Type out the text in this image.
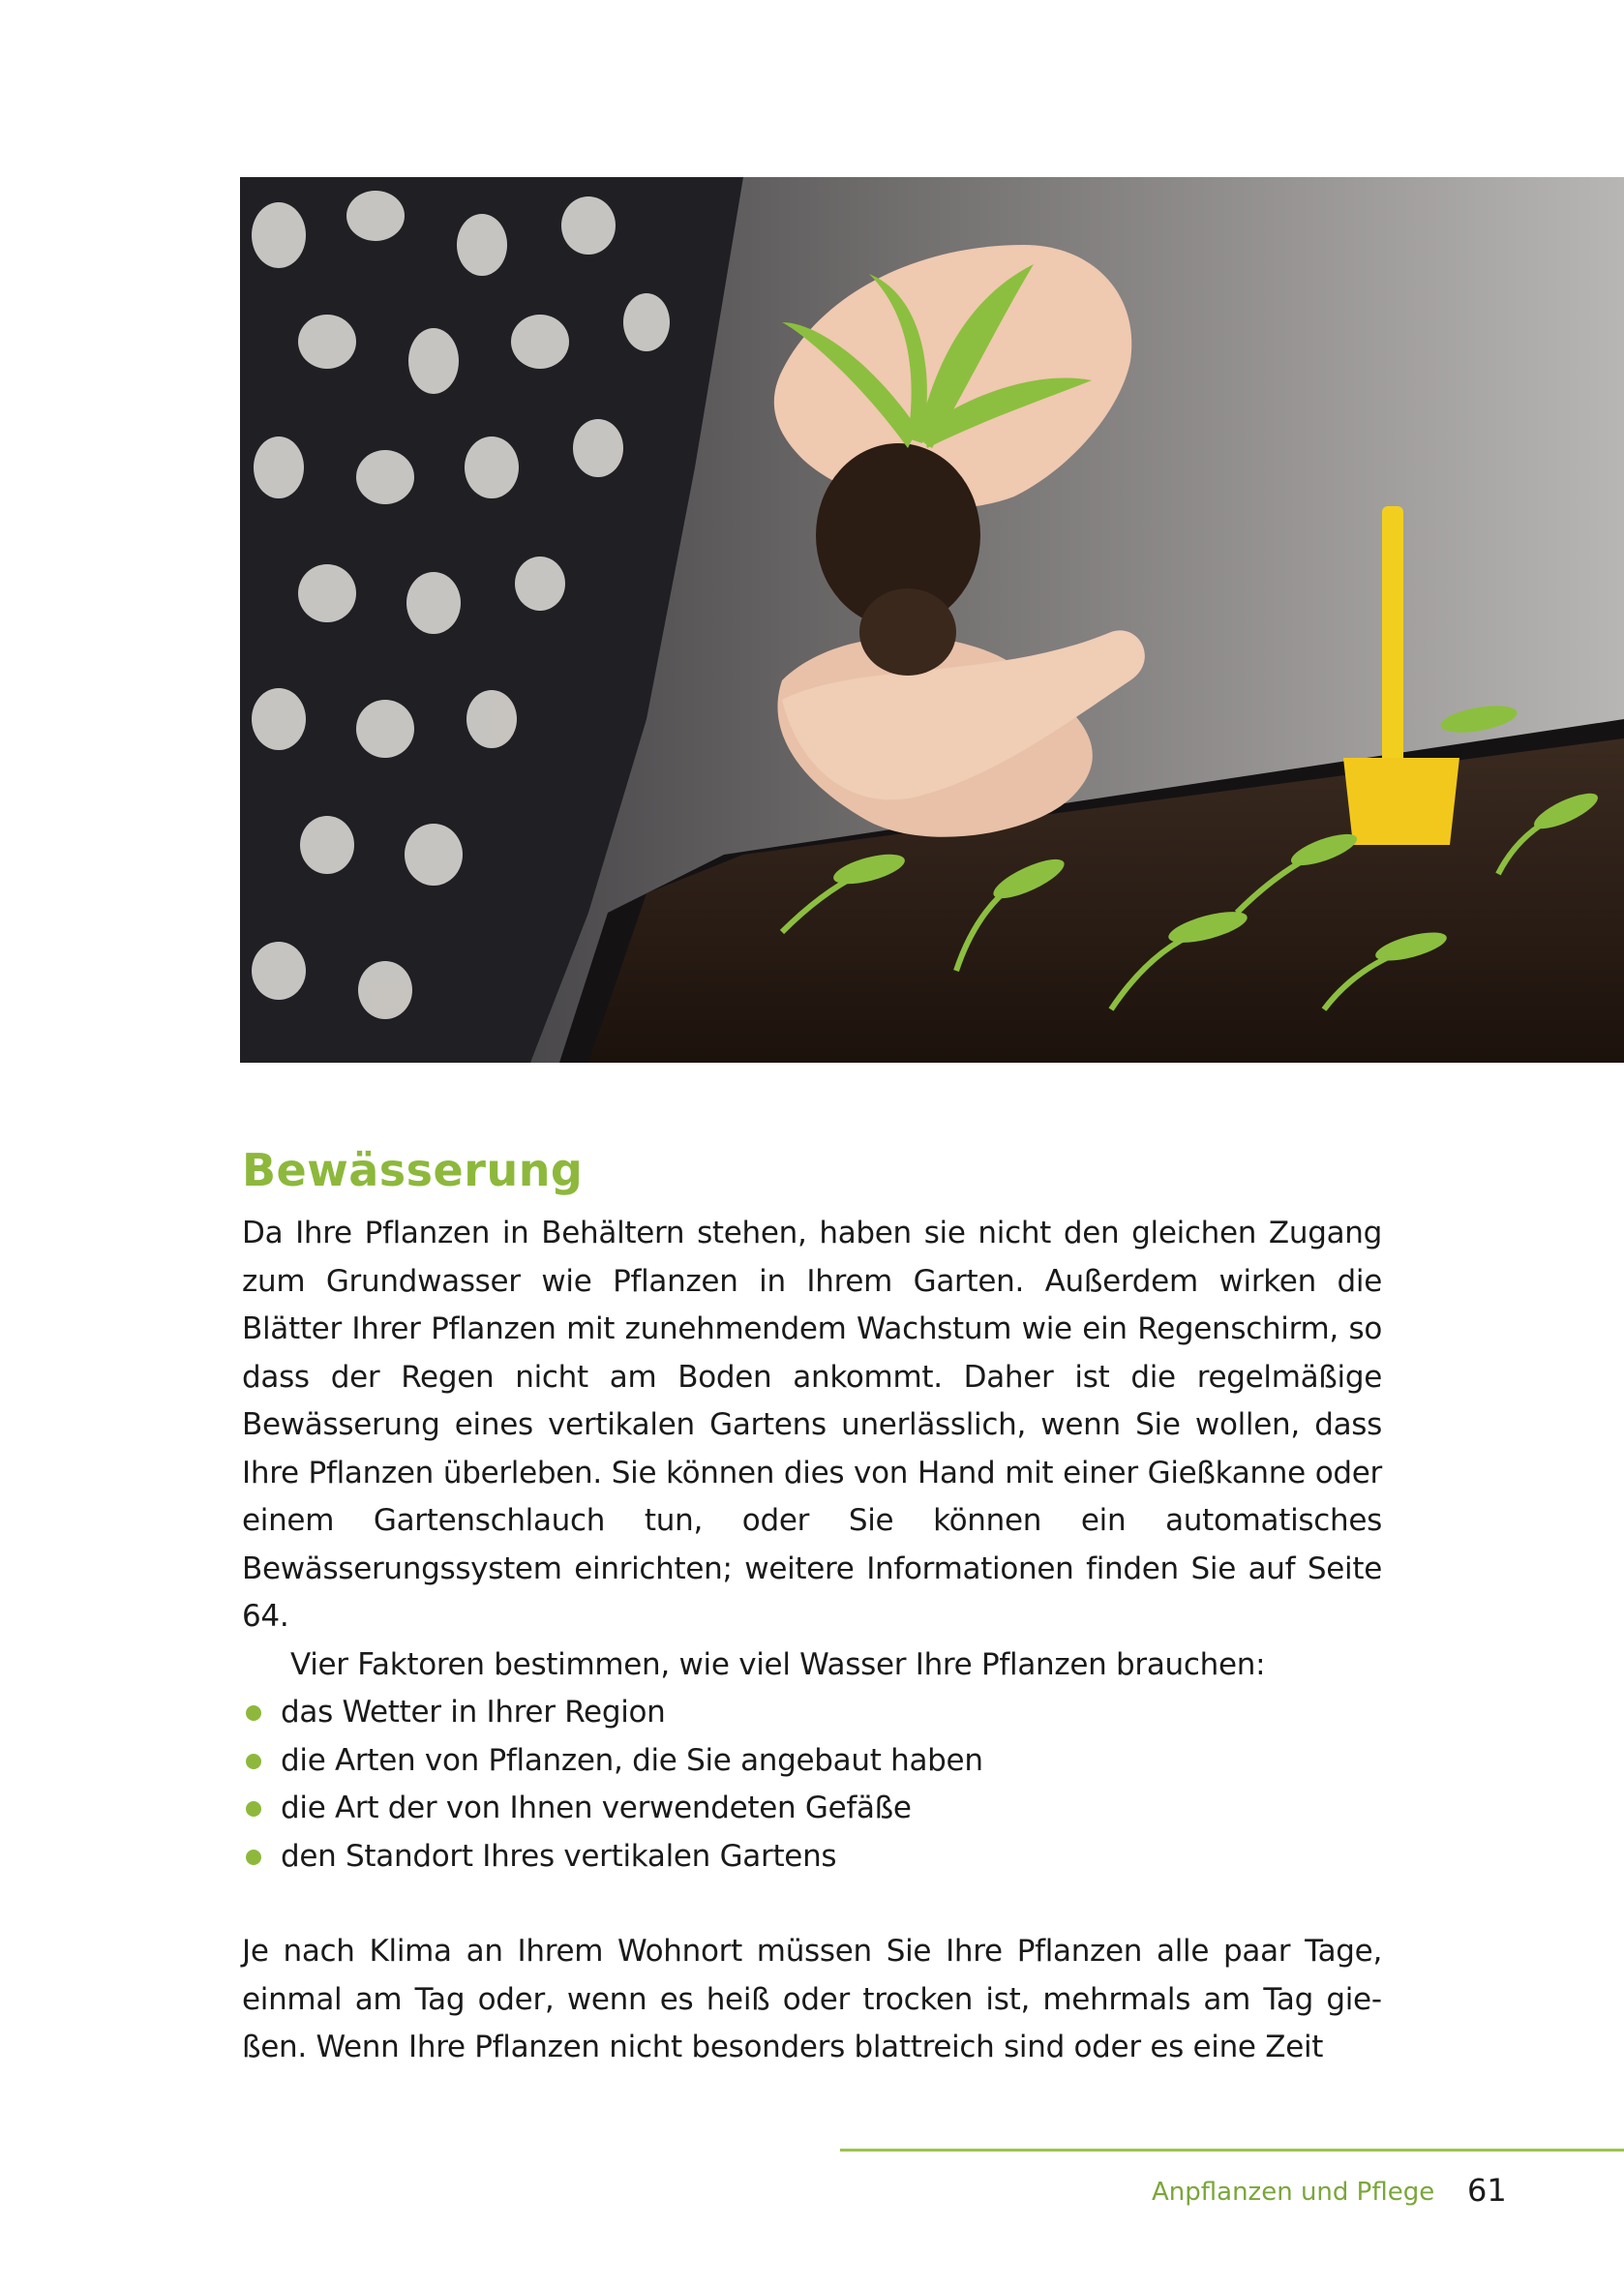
Bewässerung

Da Ihre Pflanzen in Behältern stehen, haben sie nicht den gleichen Zugang zum Grundwasser wie Pflanzen in Ihrem Garten. Außerdem wirken die Blätter Ihrer Pflanzen mit zunehmendem Wachstum wie ein Regenschirm, so dass der Regen nicht am Boden ankommt. Daher ist die regelmäßige Bewässerung eines vertikalen Gartens unerlässlich, wenn Sie wollen, dass Ihre Pflanzen überleben. Sie können dies von Hand mit einer Gießkanne oder einem Gartenschlauch tun, oder Sie können ein automatisches Bewässerungssystem einrichten; weitere Informationen finden Sie auf Seite 64.

Vier Faktoren bestimmen, wie viel Wasser Ihre Pflanzen brauchen:

das Wetter in Ihrer Region
die Arten von Pflanzen, die Sie angebaut haben
die Art der von Ihnen verwendeten Gefäße
den Standort Ihres vertikalen Gartens

Je nach Klima an Ihrem Wohnort müssen Sie Ihre Pflanzen alle paar Tage, einmal am Tag oder, wenn es heiß oder trocken ist, mehrmals am Tag gießen. Wenn Ihre Pflanzen nicht besonders blattreich sind oder es eine Zeit

Anpflanzen und Pflege 61
